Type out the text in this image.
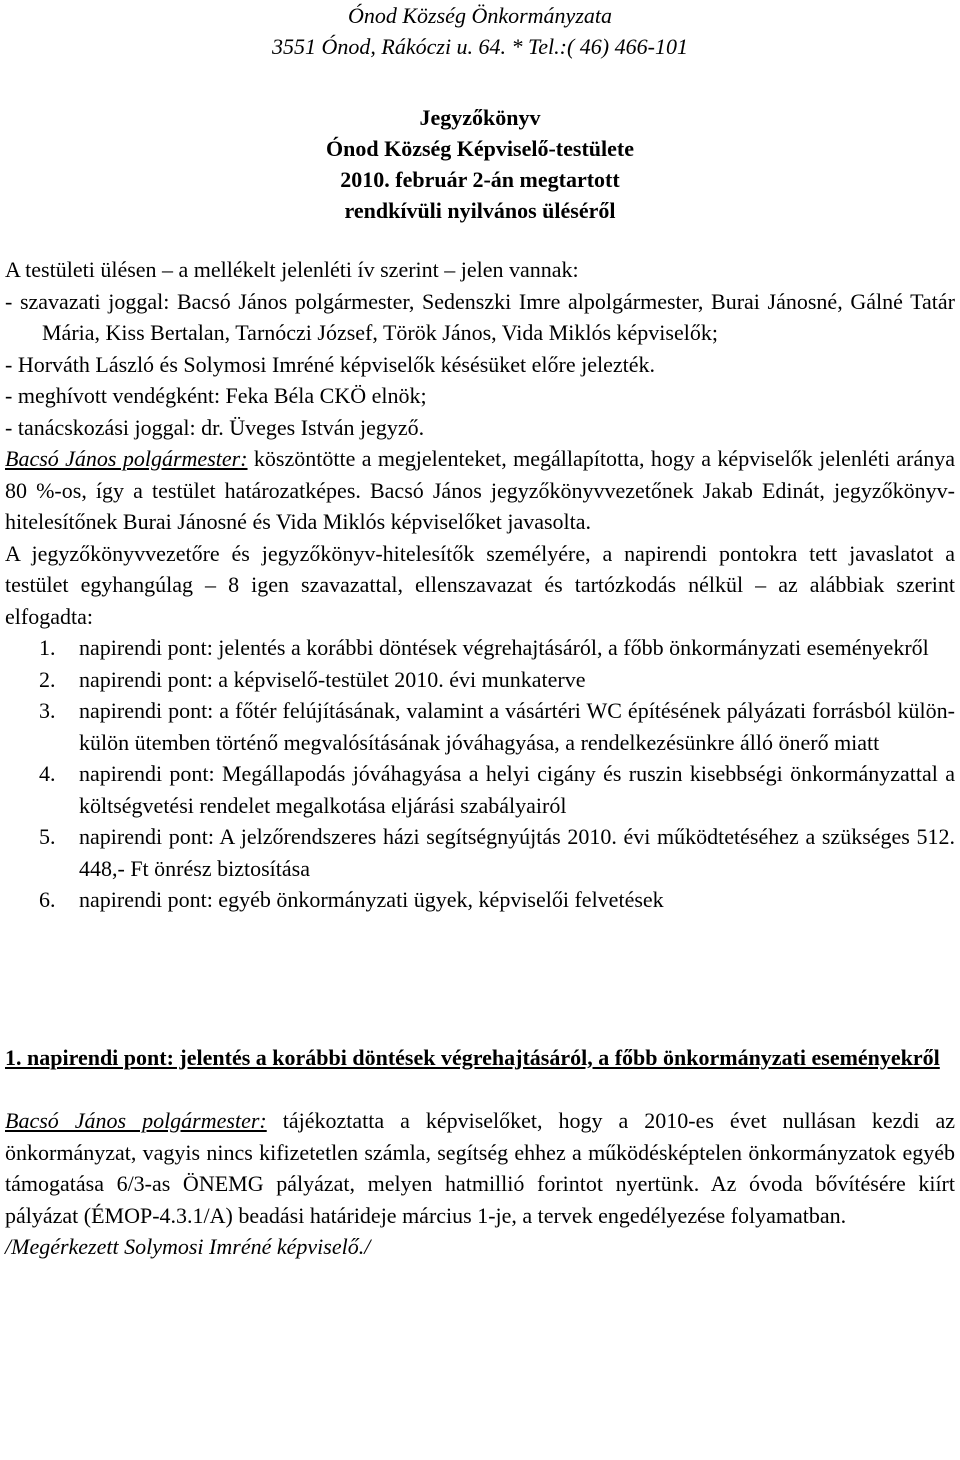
Ónod Község Önkormányzata
3551 Ónod, Rákóczi u. 64. * Tel.:( 46) 466-101
Jegyzőkönyv
Ónod Község Képviselő-testülete
2010. február 2-án megtartott
rendkívüli nyilvános üléséről

A testületi ülésen – a mellékelt jelenléti ív szerint – jelen vannak:

- szavazati joggal: Bacsó János polgármester, Sedenszki Imre alpolgármester, Burai Jánosné, Gálné Tatár Mária, Kiss Bertalan, Tarnóczi József, Török János, Vida Miklós képviselők;

- Horváth László és Solymosi Imréné képviselők késésüket előre jelezték.

- meghívott vendégként: Feka Béla CKÖ elnök;

- tanácskozási joggal: dr. Üveges István jegyző.

Bacsó János polgármester: köszöntötte a megjelenteket, megállapította, hogy a képviselők jelenléti aránya 80 %-os, így a testület határozatképes. Bacsó János jegyzőkönyvvezetőnek Jakab Edinát, jegyzőkönyv-hitelesítőnek Burai Jánosné és Vida Miklós képviselőket javasolta.

A jegyzőkönyvvezetőre és jegyzőkönyv-hitelesítők személyére, a napirendi pontokra tett javaslatot a testület egyhangúlag – 8 igen szavazattal, ellenszavazat és tartózkodás nélkül – az alábbiak szerint elfogadta:

1. napirendi pont: jelentés a korábbi döntések végrehajtásáról, a főbb önkormányzati eseményekről
2. napirendi pont: a képviselő-testület 2010. évi munkaterve
3. napirendi pont: a főtér felújításának, valamint a vásártéri WC építésének pályázati forrásból külön-külön ütemben történő megvalósításának jóváhagyása, a rendelkezésünkre álló önerő miatt
4. napirendi pont: Megállapodás jóváhagyása a helyi cigány és ruszin kisebbségi önkormányzattal a költségvetési rendelet megalkotása eljárási szabályairól
5. napirendi pont: A jelzőrendszeres házi segítségnyújtás 2010. évi működtetéséhez a szükséges 512. 448,- Ft önrész biztosítása
6. napirendi pont: egyéb önkormányzati ügyek, képviselői felvetések

1. napirendi pont: jelentés a korábbi döntések végrehajtásáról, a főbb önkormányzati eseményekről

Bacsó János polgármester: tájékoztatta a képviselőket, hogy a 2010-es évet nullásan kezdi az önkormányzat, vagyis nincs kifizetetlen számla, segítség ehhez a működésképtelen önkormányzatok egyéb támogatása 6/3-as ÖNEMG pályázat, melyen hatmillió forintot nyertünk. Az óvoda bővítésére kiírt pályázat (ÉMOP-4.3.1/A) beadási határideje március 1-je, a tervek engedélyezése folyamatban.

/Megérkezett Solymosi Imréné képviselő./
